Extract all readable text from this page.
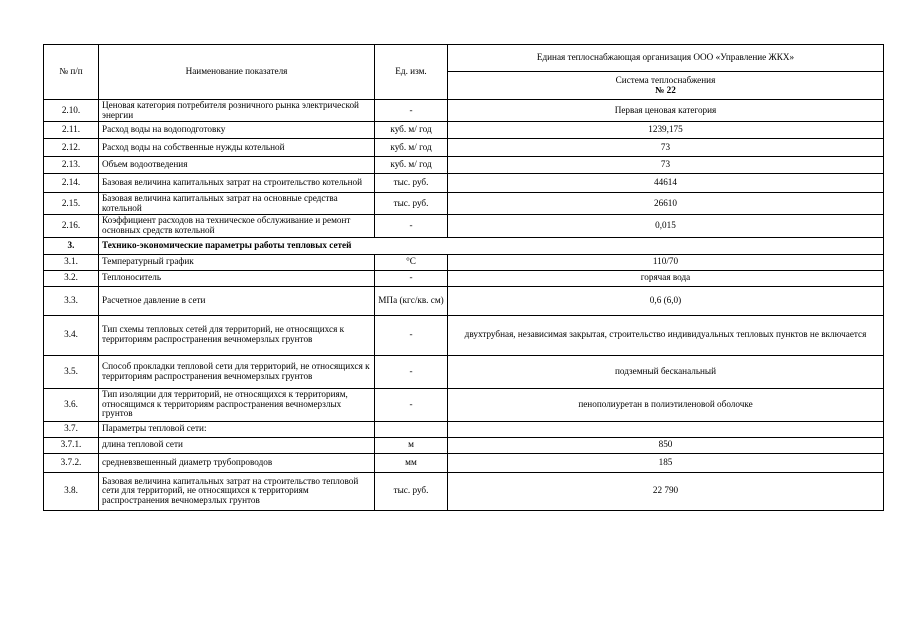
№ п/п	Наименование показателя	Ед. изм.	Единая теплоснабжающая организация ООО «Управление ЖКХ»

			Система теплоснабжения
№ 22

2.10.	Ценовая категория потребителя розничного рынка электрической энергии	-	Первая ценовая категория
2.11.	Расход воды на водоподготовку	куб. м/ год	1239,175
2.12.	Расход воды на собственные нужды котельной	куб. м/ год	73
2.13.	Объем водоотведения	куб. м/ год	73
2.14.	Базовая величина капитальных затрат на строительство котельной	тыс. руб.	44614
2.15.	Базовая величина капитальных затрат на основные средства котельной	тыс. руб.	26610
2.16.	Коэффициент расходов на техническое обслуживание и ремонт основных средств котельной	-	0,015
3.	Технико-экономические параметры работы тепловых сетей		
3.1.	Температурный график	°С	110/70
3.2.	Теплоноситель	-	горячая вода
3.3.	Расчетное давление в сети	МПа (кгс/кв. см)	0,6 (6,0)
3.4.	Тип схемы тепловых сетей для территорий, не относящихся к территориям распространения вечномерзлых грунтов	-	двухтрубная, независимая закрытая, строительство индивидуальных тепловых пунктов не включается
3.5.	Способ прокладки тепловой сети для территорий, не относящихся к территориям распространения вечномерзлых грунтов	-	подземный бесканальный
3.6.	Тип изоляции для территорий, не относящихся к территориям, относящимся к территориям распространения вечномерзлых грунтов	-	пенополиуретан в полиэтиленовой оболочке
3.7.	Параметры тепловой сети:		
3.7.1.	длина тепловой сети	м	850
3.7.2.	средневзвешенный диаметр трубопроводов	мм	185
3.8.	Базовая величина капитальных затрат на строительство тепловой сети для территорий, не относящихся к территориям распространения вечномерзлых грунтов	тыс. руб.	22 790
